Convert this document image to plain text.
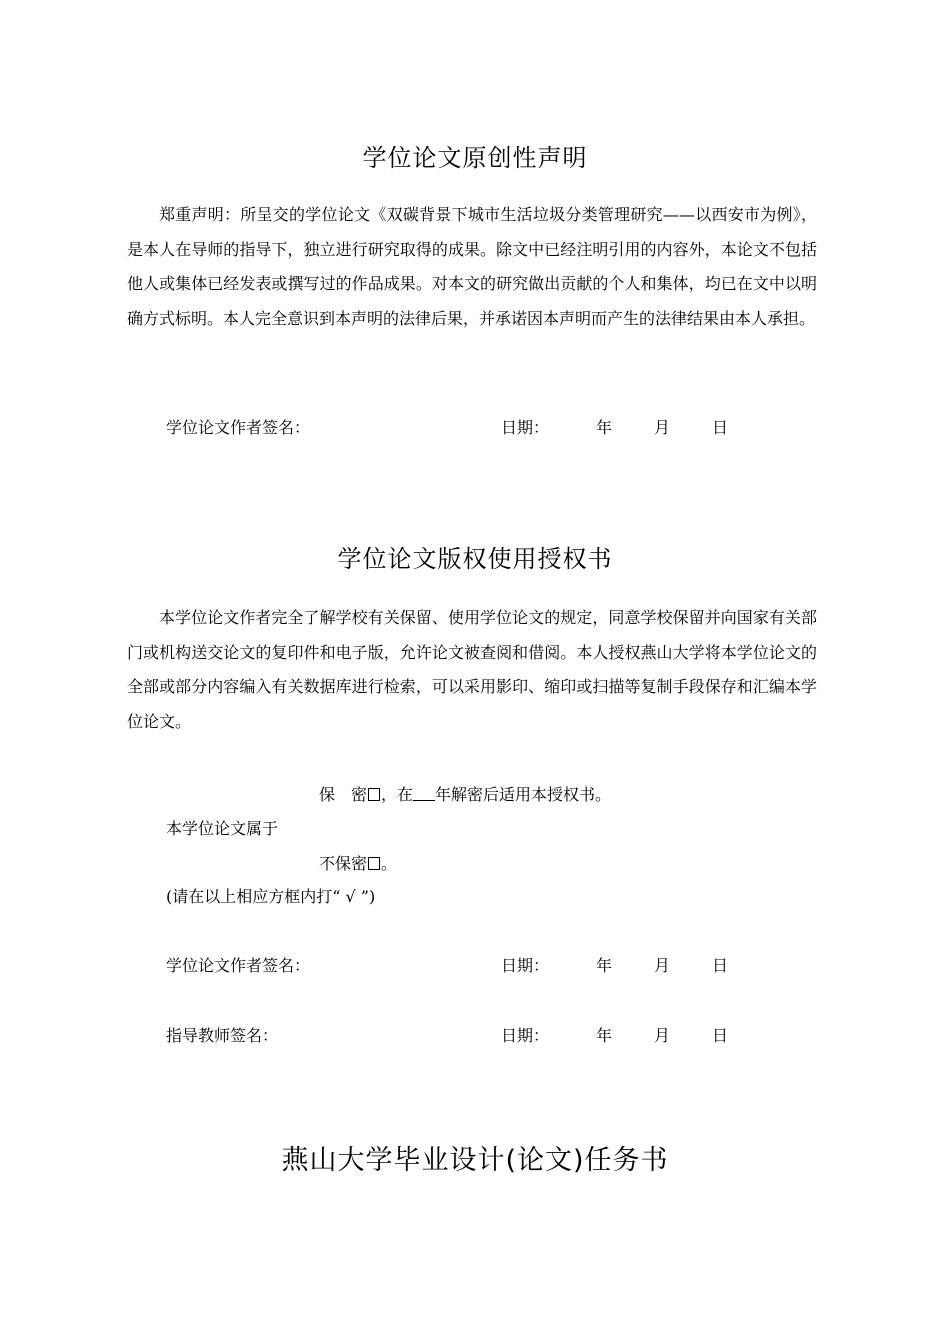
学位论文原创性声明

郑重声明：所呈交的学位论文《双碳背景下城市生活垃圾分类管理研究——以西安市为例》，是本人在导师的指导下，独立进行研究取得的成果。除文中已经注明引用的内容外，本论文不包括他人或集体已经发表或撰写过的作品成果。对本文的研究做出贡献的个人和集体，均已在文中以明确方式标明。本人完全意识到本声明的法律后果，并承诺因本声明而产生的法律结果由本人承担。

学位论文作者签名：	日期：	年	月	日
学位论文版权使用授权书

本学位论文作者完全了解学校有关保留、使用学位论文的规定，同意学校保留并向国家有关部门或机构送交论文的复印件和电子版，允许论文被查阅和借阅。本人授权燕山大学将本学位论文的全部或部分内容编入有关数据库进行检索，可以采用影印、缩印或扫描等复制手段保存和汇编本学位论文。

保　密 ，在 年解密后适用本授权书。
本学位论文属于
不保密 。
(请在以上相应方框内打“ √ ”)
学位论文作者签名：	日期：	年	月	日
指导教师签名：	日期：	年	月	日
燕山大学毕业设计(论文)任务书
